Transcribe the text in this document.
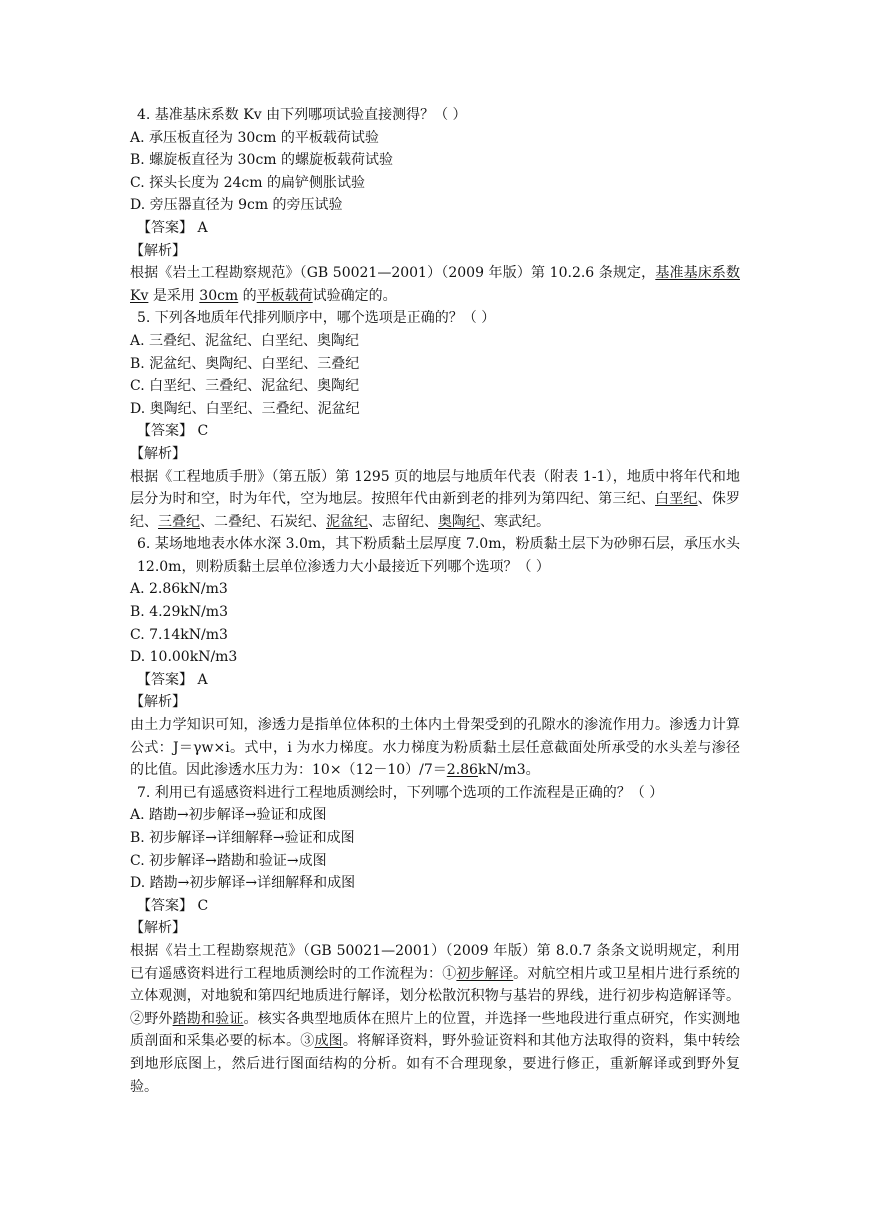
4. 基准基床系数 Kv 由下列哪项试验直接测得？（ ）
A. 承压板直径为 30cm 的平板载荷试验
B. 螺旋板直径为 30cm 的螺旋板载荷试验
C. 探头长度为 24cm 的扁铲侧胀试验
D. 旁压器直径为 9cm 的旁压试验
【答案】 A
【解析】
根据《岩土工程勘察规范》（GB 50021—2001）（2009 年版）第 10.2.6 条规定，基准基床系数 Kv 是采用 30cm 的平板载荷试验确定的。
5. 下列各地质年代排列顺序中，哪个选项是正确的？（ ）
A. 三叠纪、泥盆纪、白垩纪、奥陶纪
B. 泥盆纪、奥陶纪、白垩纪、三叠纪
C. 白垩纪、三叠纪、泥盆纪、奥陶纪
D. 奥陶纪、白垩纪、三叠纪、泥盆纪
【答案】 C
【解析】
根据《工程地质手册》（第五版）第 1295 页的地层与地质年代表（附表 1-1），地质中将年代和地层分为时和空，时为年代，空为地层。按照年代由新到老的排列为第四纪、第三纪、白垩纪、侏罗纪、三叠纪、二叠纪、石炭纪、泥盆纪、志留纪、奥陶纪、寒武纪。
6. 某场地地表水体水深 3.0m，其下粉质黏土层厚度 7.0m，粉质黏土层下为砂卵石层，承压水头 12.0m，则粉质黏土层单位渗透力大小最接近下列哪个选项？（ ）
A. 2.86kN/m3
B. 4.29kN/m3
C. 7.14kN/m3
D. 10.00kN/m3
【答案】 A
【解析】
由土力学知识可知，渗透力是指单位体积的土体内土骨架受到的孔隙水的渗流作用力。渗透力计算公式：J＝γw×i。式中，i 为水力梯度。水力梯度为粉质黏土层任意截面处所承受的水头差与渗径的比值。因此渗透水压力为：10×（12－10）/7＝2.86kN/m3。
7. 利用已有遥感资料进行工程地质测绘时，下列哪个选项的工作流程是正确的？（ ）
A. 踏勘→初步解译→验证和成图
B. 初步解译→详细解释→验证和成图
C. 初步解译→踏勘和验证→成图
D. 踏勘→初步解译→详细解释和成图
【答案】 C
【解析】
根据《岩土工程勘察规范》（GB 50021—2001）（2009 年版）第 8.0.7 条条文说明规定，利用已有遥感资料进行工程地质测绘时的工作流程为：①初步解译。对航空相片或卫星相片进行系统的立体观测，对地貌和第四纪地质进行解译，划分松散沉积物与基岩的界线，进行初步构造解译等。②野外踏勘和验证。核实各典型地质体在照片上的位置，并选择一些地段进行重点研究，作实测地质剖面和采集必要的标本。③成图。将解译资料，野外验证资料和其他方法取得的资料，集中转绘到地形底图上，然后进行图面结构的分析。如有不合理现象，要进行修正，重新解译或到野外复验。
